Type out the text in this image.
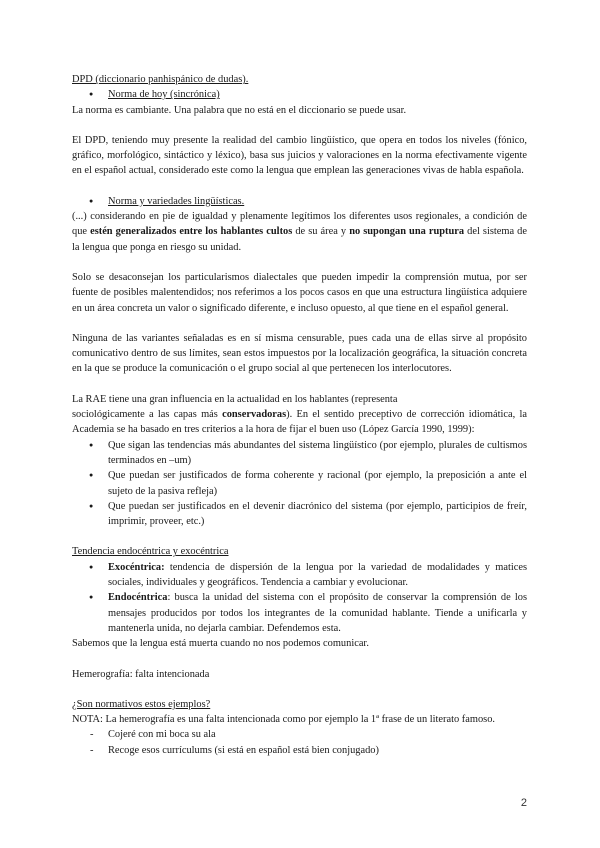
DPD (diccionario panhispánico de dudas).

● Norma de hoy (sincrónica)

La norma es cambiante. Una palabra que no está en el diccionario se puede usar.

El DPD, teniendo muy presente la realidad del cambio lingüístico, que opera en todos los niveles (fónico, gráfico, morfológico, sintáctico y léxico), basa sus juicios y valoraciones en la norma efectivamente vigente en el español actual, considerado este como la lengua que emplean las generaciones vivas de habla española.

● Norma y variedades lingüísticas.

(...) considerando en pie de igualdad y plenamente legítimos los diferentes usos regionales, a condición de que estén generalizados entre los hablantes cultos de su área y no supongan una ruptura del sistema de la lengua que ponga en riesgo su unidad.

Solo se desaconsejan los particularismos dialectales que pueden impedir la comprensión mutua, por ser fuente de posibles malentendidos; nos referimos a los pocos casos en que una estructura lingüística adquiere en un área concreta un valor o significado diferente, e incluso opuesto, al que tiene en el español general.

Ninguna de las variantes señaladas es en sí misma censurable, pues cada una de ellas sirve al propósito comunicativo dentro de sus límites, sean estos impuestos por la localización geográfica, la situación concreta en la que se produce la comunicación o el grupo social al que pertenecen los interlocutores.

La RAE tiene una gran influencia en la actualidad en los hablantes (representa

sociológicamente a las capas más conservadoras). En el sentido preceptivo de corrección idiomática, la Academia se ha basado en tres criterios a la hora de fijar el buen uso (López García 1990, 1999):

● Que sigan las tendencias más abundantes del sistema lingüístico (por ejemplo, plurales de cultismos terminados en –um)
● Que puedan ser justificados de forma coherente y racional (por ejemplo, la preposición a ante el sujeto de la pasiva refleja)
● Que puedan ser justificados en el devenir diacrónico del sistema (por ejemplo, participios de freír, imprimir, proveer, etc.)

Tendencia endocéntrica y exocéntrica

● Exocéntrica: tendencia de dispersión de la lengua por la variedad de modalidades y matices sociales, individuales y geográficos. Tendencia a cambiar y evolucionar.
● Endocéntrica: busca la unidad del sistema con el propósito de conservar la comprensión de los mensajes producidos por todos los integrantes de la comunidad hablante. Tiende a unificarla y mantenerla unida, no dejarla cambiar. Defendemos esta.

Sabemos que la lengua está muerta cuando no nos podemos comunicar.

Hemerografía: falta intencionada

¿Son normativos estos ejemplos?

NOTA: La hemerografía es una falta intencionada como por ejemplo la 1ª frase de un literato famoso.

- Cojeré con mi boca su ala
- Recoge esos currículums (si está en español está bien conjugado)
2
